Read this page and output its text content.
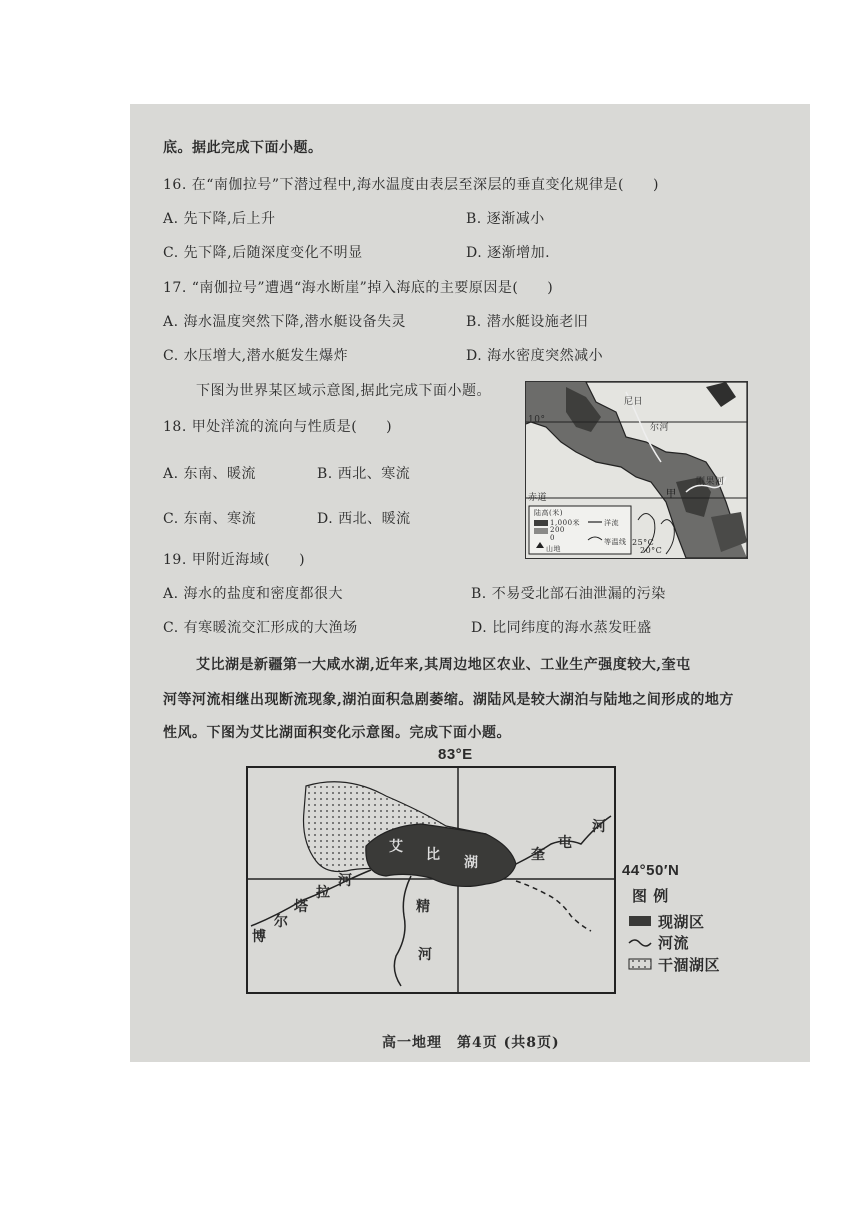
底。据此完成下面小题。
16. 在“南伽拉号”下潜过程中,海水温度由表层至深层的垂直变化规律是(　　)
A. 先下降,后上升	B. 逐渐减小
C. 先下降,后随深度变化不明显	D. 逐渐增加.
17. “南伽拉号”遭遇“海水断崖”掉入海底的主要原因是(　　)
A. 海水温度突然下降,潜水艇设备失灵	B. 潜水艇设施老旧
C. 水压增大,潜水艇发生爆炸	D. 海水密度突然减小
下图为世界某区域示意图,据此完成下面小题。
18. 甲处洋流的流向与性质是(　　)
A. 东南、暖流	B. 西北、寒流
C. 东南、寒流	D. 西北、暖流
19. 甲附近海域(　　)
A. 海水的盐度和密度都很大	B. 不易受北部石油泄漏的污染
C. 有寒暖流交汇形成的大渔场	D. 比同纬度的海水蒸发旺盛
10°
赤道
尼日
尔河
甲
刚果河
陆高(米)
1,000米
200
0
洋流
等温线
山地
25°C
20°C
艾比湖是新疆第一大咸水湖,近年来,其周边地区农业、工业生产强度较大,奎屯
河等河流相继出现断流现象,湖泊面积急剧萎缩。湖陆风是较大湖泊与陆地之间形成的地方
性风。下图为艾比湖面积变化示意图。完成下面小题。
83°E
44°50′N
艾 比 湖	奎
屯
河
博
尔
塔
拉
河
精
河
图 例
现湖区
河流
干涸湖区
高一地理　第4页 (共8页)
